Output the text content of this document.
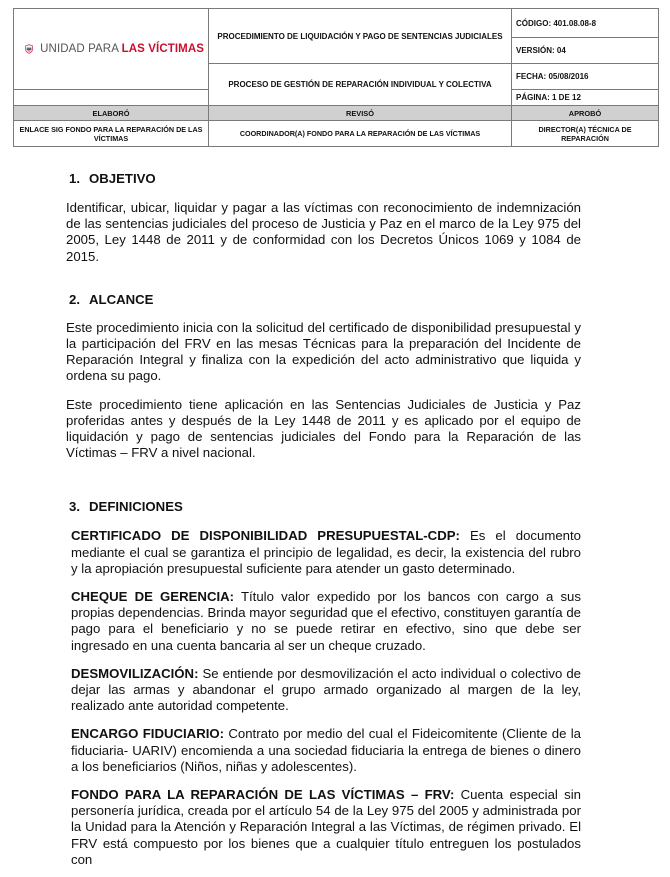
UNIDAD PARA LAS VÍCTIMAS	PROCEDIMIENTO DE LIQUIDACIÓN Y PAGO DE SENTENCIAS JUDICIALES	CÓDIGO: 401.08.08-8
		VERSIÓN: 04
	PROCESO DE GESTIÓN DE REPARACIÓN INDIVIDUAL Y COLECTIVA	FECHA: 05/08/2016
		PÁGINA: 1 DE 12
ELABORÓ	REVISÓ	APROBÓ
ENLACE SIG FONDO PARA LA REPARACIÓN DE LAS VÍCTIMAS	COORDINADOR(A) FONDO PARA LA REPARACIÓN DE LAS VÍCTIMAS	DIRECTOR(A) TÉCNICA DE REPARACIÓN
1. OBJETIVO

Identificar, ubicar, liquidar y pagar a las víctimas con reconocimiento de indemnización de las sentencias judiciales del proceso de Justicia y Paz en el marco de la Ley 975 del 2005, Ley 1448 de 2011 y de conformidad con los Decretos Únicos 1069 y 1084 de 2015.

2. ALCANCE

Este procedimiento inicia con la solicitud del certificado de disponibilidad presupuestal y la participación del FRV en las mesas Técnicas para la preparación del Incidente de Reparación Integral y finaliza con la expedición del acto administrativo que liquida y ordena su pago.

Este procedimiento tiene aplicación en las Sentencias Judiciales de Justicia y Paz proferidas antes y después de la Ley 1448 de 2011 y es aplicado por el equipo de liquidación y pago de sentencias judiciales del Fondo para la Reparación de las Víctimas – FRV a nivel nacional.

3. DEFINICIONES

CERTIFICADO DE DISPONIBILIDAD PRESUPUESTAL-CDP: Es el documento mediante el cual se garantiza el principio de legalidad, es decir, la existencia del rubro y la apropiación presupuestal suficiente para atender un gasto determinado.

CHEQUE DE GERENCIA: Título valor expedido por los bancos con cargo a sus propias dependencias. Brinda mayor seguridad que el efectivo, constituyen garantía de pago para el beneficiario y no se puede retirar en efectivo, sino que debe ser ingresado en una cuenta bancaria al ser un cheque cruzado.

DESMOVILIZACIÓN: Se entiende por desmovilización el acto individual o colectivo de dejar las armas y abandonar el grupo armado organizado al margen de la ley, realizado ante autoridad competente.

ENCARGO FIDUCIARIO: Contrato por medio del cual el Fideicomitente (Cliente de la fiduciaria- UARIV) encomienda a una sociedad fiduciaria la entrega de bienes o dinero a los beneficiarios (Niños, niñas y adolescentes).

FONDO PARA LA REPARACIÓN DE LAS VÍCTIMAS – FRV: Cuenta especial sin personería jurídica, creada por el artículo 54 de la Ley 975 del 2005 y administrada por la Unidad para la Atención y Reparación Integral a las Víctimas, de régimen privado. El FRV está compuesto por los bienes que a cualquier título entreguen los postulados con
